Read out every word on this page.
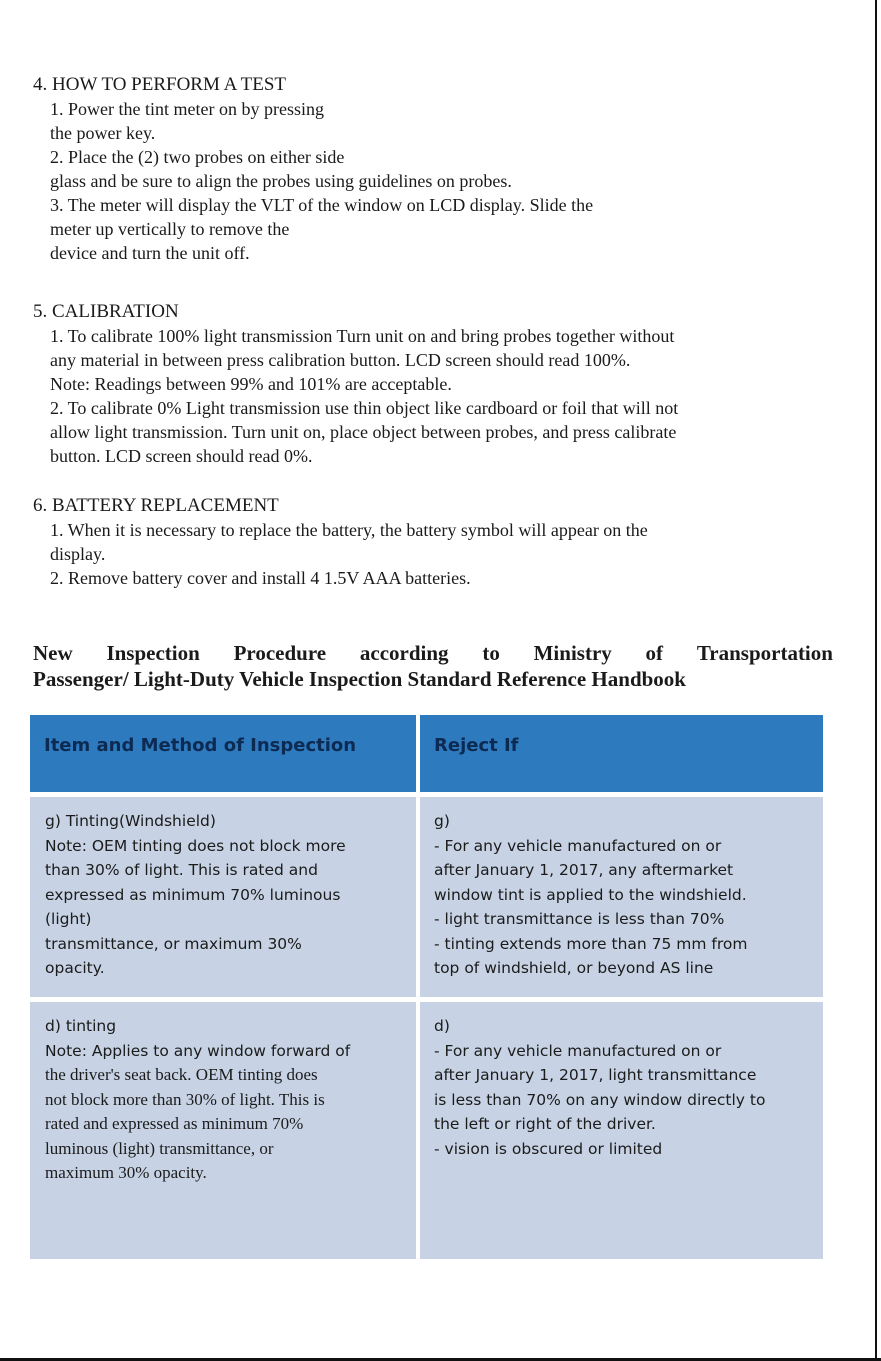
4. HOW TO PERFORM A TEST
1. Power the tint meter on by pressing
the power key.
2. Place the (2) two probes on either side
glass and be sure to align the probes using guidelines on probes.
3. The meter will display the VLT of the window on LCD display. Slide the
meter up vertically to remove the
device and turn the unit off.
5. CALIBRATION
1. To calibrate 100% light transmission Turn unit on and bring probes together without
any material in between press calibration button. LCD screen should read 100%.
Note: Readings between 99% and 101% are acceptable.
2. To calibrate 0% Light transmission use thin object like cardboard or foil that will not
allow light transmission. Turn unit on, place object between probes, and press calibrate
button. LCD screen should read 0%.
6. BATTERY REPLACEMENT
1. When it is necessary to replace the battery, the battery symbol will appear on the
display.
2. Remove battery cover and install 4 1.5V AAA batteries.
New Inspection Procedure according to Ministry of Transportation
Passenger/ Light-Duty Vehicle Inspection Standard Reference Handbook
Item and Method of Inspection	Reject If
g) Tinting(Windshield)
Note: OEM tinting does not block more
than 30% of light. This is rated and
expressed as minimum 70% luminous
(light)
transmittance, or maximum 30%
opacity.
g)
- For any vehicle manufactured on or
after January 1, 2017, any aftermarket
window tint is applied to the windshield.
- light transmittance is less than 70%
- tinting extends more than 75 mm from
top of windshield, or beyond AS line
d) tinting
Note: Applies to any window forward of
the driver's seat back. OEM tinting does
not block more than 30% of light. This is
rated and expressed as minimum 70%
luminous (light) transmittance, or
maximum 30% opacity.
d)
- For any vehicle manufactured on or
after January 1, 2017, light transmittance
is less than 70% on any window directly to
the left or right of the driver.
- vision is obscured or limited
